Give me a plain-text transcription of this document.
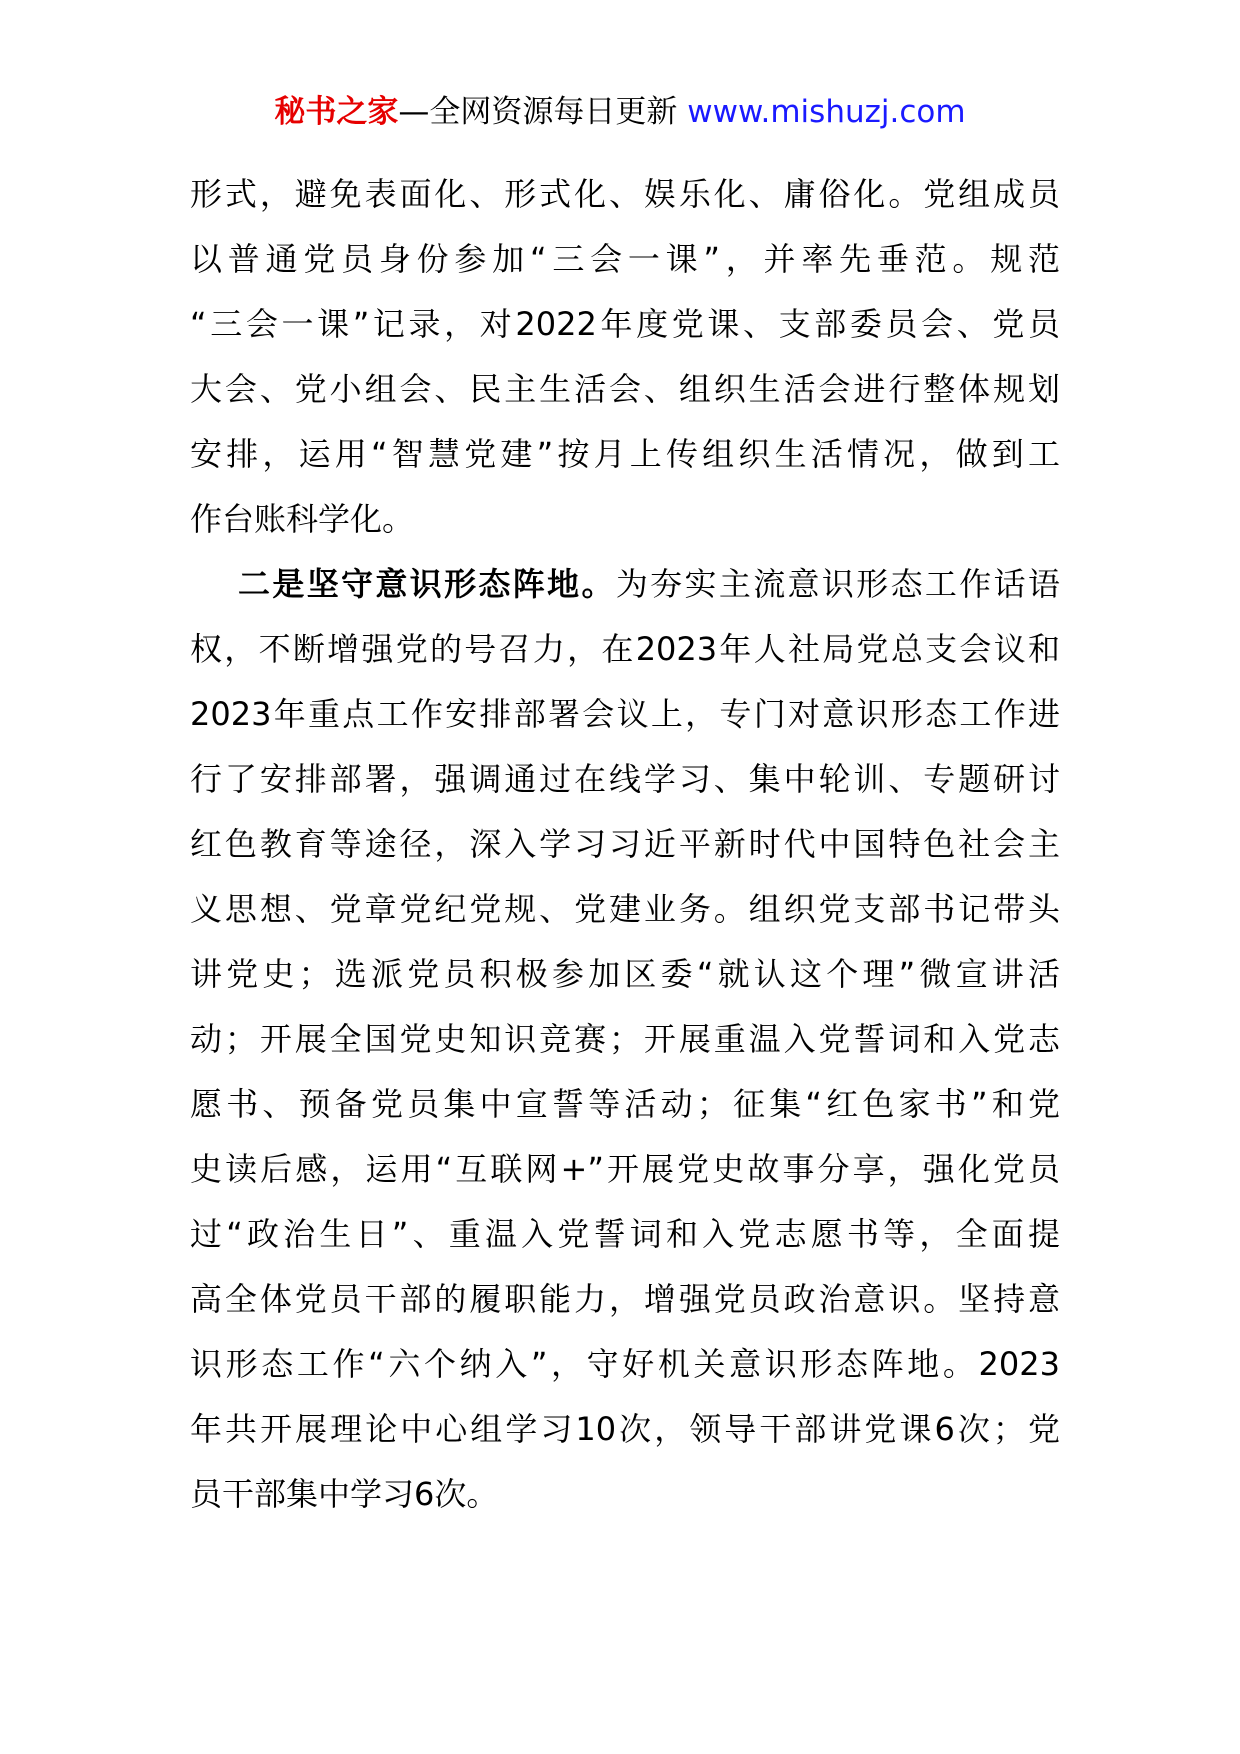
秘书之家—全网资源每日更新 www.mishuzj.com
形式，避免表面化、形式化、娱乐化、庸俗化。党组成员
以普通党员身份参加“三会一课”，并率先垂范。规范
“三会一课”记录，对2022年度党课、支部委员会、党员
大会、党小组会、民主生活会、组织生活会进行整体规划
安排，运用“智慧党建”按月上传组织生活情况，做到工
作台账科学化。
二是坚守意识形态阵地。为夯实主流意识形态工作话语
权，不断增强党的号召力，在2023年人社局党总支会议和
2023年重点工作安排部署会议上，专门对意识形态工作进
行了安排部署，强调通过在线学习、集中轮训、专题研讨
红色教育等途径，深入学习习近平新时代中国特色社会主
义思想、党章党纪党规、党建业务。组织党支部书记带头
讲党史；选派党员积极参加区委“就认这个理”微宣讲活
动；开展全国党史知识竞赛；开展重温入党誓词和入党志
愿书、预备党员集中宣誓等活动；征集“红色家书”和党
史读后感，运用“互联网+”开展党史故事分享，强化党员
过“政治生日”、重温入党誓词和入党志愿书等，全面提
高全体党员干部的履职能力，增强党员政治意识。坚持意
识形态工作“六个纳入”，守好机关意识形态阵地。2023
年共开展理论中心组学习10次，领导干部讲党课6次；党
员干部集中学习6次。
